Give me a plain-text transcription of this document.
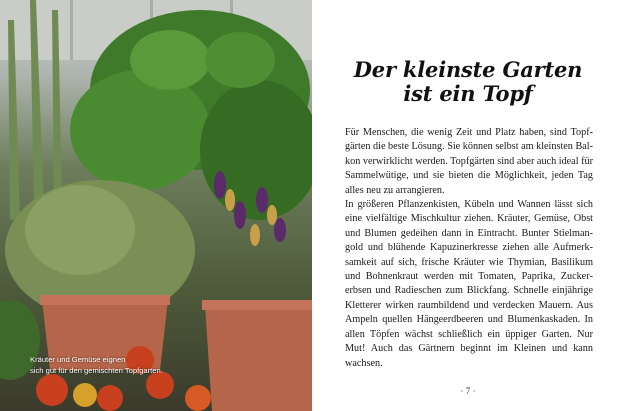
Kräuter und Gemüse eignen
sich gut für den gemischten Topfgarten.
Der kleinste Garten
ist ein Topf

Für Menschen, die wenig Zeit und Platz haben, sind Topfgärten die beste Lösung. Sie können selbst am kleinsten Balkon verwirklicht werden. Topfgärten sind aber auch ideal für Sammelwütige, und sie bieten die Möglichkeit, jeden Tag alles neu zu arrangieren.

In größeren Pflanzenkisten, Kübeln und Wannen lässt sich eine vielfältige Mischkultur ziehen. Kräuter, Gemüse, Obst und Blumen gedeihen dann in Eintracht. Bunter Stielmangold und blühende Kapuzinerkresse ziehen alle Aufmerksamkeit auf sich, frische Kräuter wie Thymian, Basilikum und Bohnenkraut werden mit Tomaten, Paprika, Zuckererbsen und Radieschen zum Blickfang. Schnelle einjährige Kletterer wirken raumbildend und verdecken Mauern. Aus Ampeln quellen Hängeerdbeeren und Blumenkaskaden. In allen Töpfen wächst schließlich ein üppiger Garten. Nur Mut! Auch das Gärtnern beginnt im Kleinen und kann wachsen.

· 7 ·
